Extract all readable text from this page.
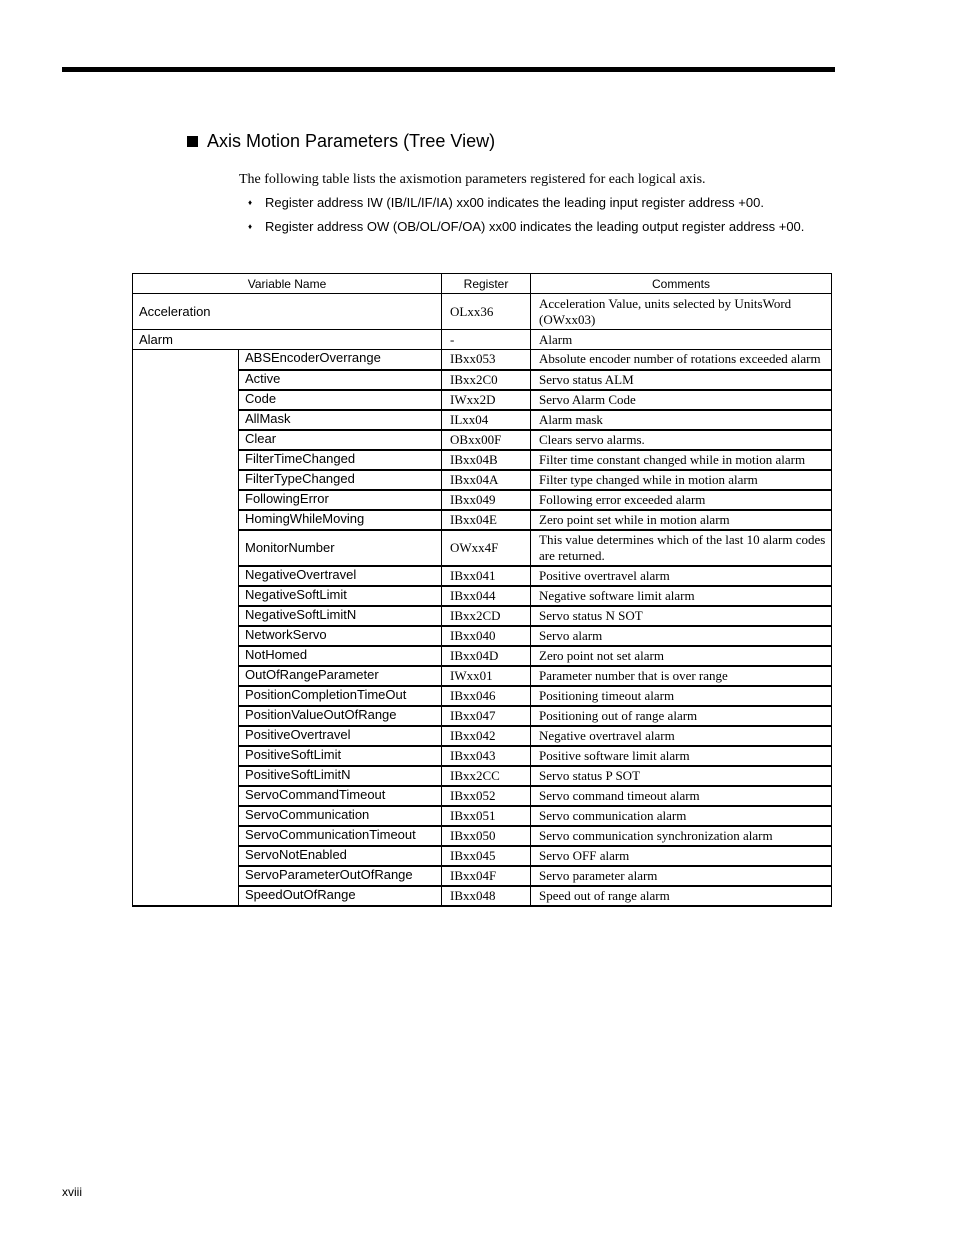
Axis Motion Parameters (Tree View)
The following table lists the axismotion parameters registered for each logical axis.
♦ Register address IW (IB/IL/IF/IA) xx00 indicates the leading input register address +00.
♦ Register address OW (OB/OL/OF/OA) xx00 indicates the leading output register address +00.
Variable Name		Register	Comments
Acceleration		OLxx36	Acceleration Value, units selected by UnitsWord (OWxx03)
Alarm		-	Alarm
	ABSEncoderOverrange	IBxx053	Absolute encoder number of rotations exceeded alarm
	Active	IBxx2C0	Servo status ALM
	Code	IWxx2D	Servo Alarm Code
	AllMask	ILxx04	Alarm mask
	Clear	OBxx00F	Clears servo alarms.
	FilterTimeChanged	IBxx04B	Filter time constant changed while in motion alarm
	FilterTypeChanged	IBxx04A	Filter type changed while in motion alarm
	FollowingError	IBxx049	Following error exceeded alarm
	HomingWhileMoving	IBxx04E	Zero point set while in motion alarm
	MonitorNumber	OWxx4F	This value determines which of the last 10 alarm codes are returned.
	NegativeOvertravel	IBxx041	Positive overtravel alarm
	NegativeSoftLimit	IBxx044	Negative software limit alarm
	NegativeSoftLimitN	IBxx2CD	Servo status N SOT
	NetworkServo	IBxx040	Servo alarm
	NotHomed	IBxx04D	Zero point not set alarm
	OutOfRangeParameter	IWxx01	Parameter number that is over range
	PositionCompletionTimeOut	IBxx046	Positioning timeout alarm
	PositionValueOutOfRange	IBxx047	Positioning out of range alarm
	PositiveOvertravel	IBxx042	Negative overtravel alarm
	PositiveSoftLimit	IBxx043	Positive software limit alarm
	PositiveSoftLimitN	IBxx2CC	Servo status P SOT
	ServoCommandTimeout	IBxx052	Servo command timeout alarm
	ServoCommunication	IBxx051	Servo communication alarm
	ServoCommunicationTimeout	IBxx050	Servo communication synchronization alarm
	ServoNotEnabled	IBxx045	Servo OFF alarm
	ServoParameterOutOfRange	IBxx04F	Servo parameter alarm
	SpeedOutOfRange	IBxx048	Speed out of range alarm
xviii
